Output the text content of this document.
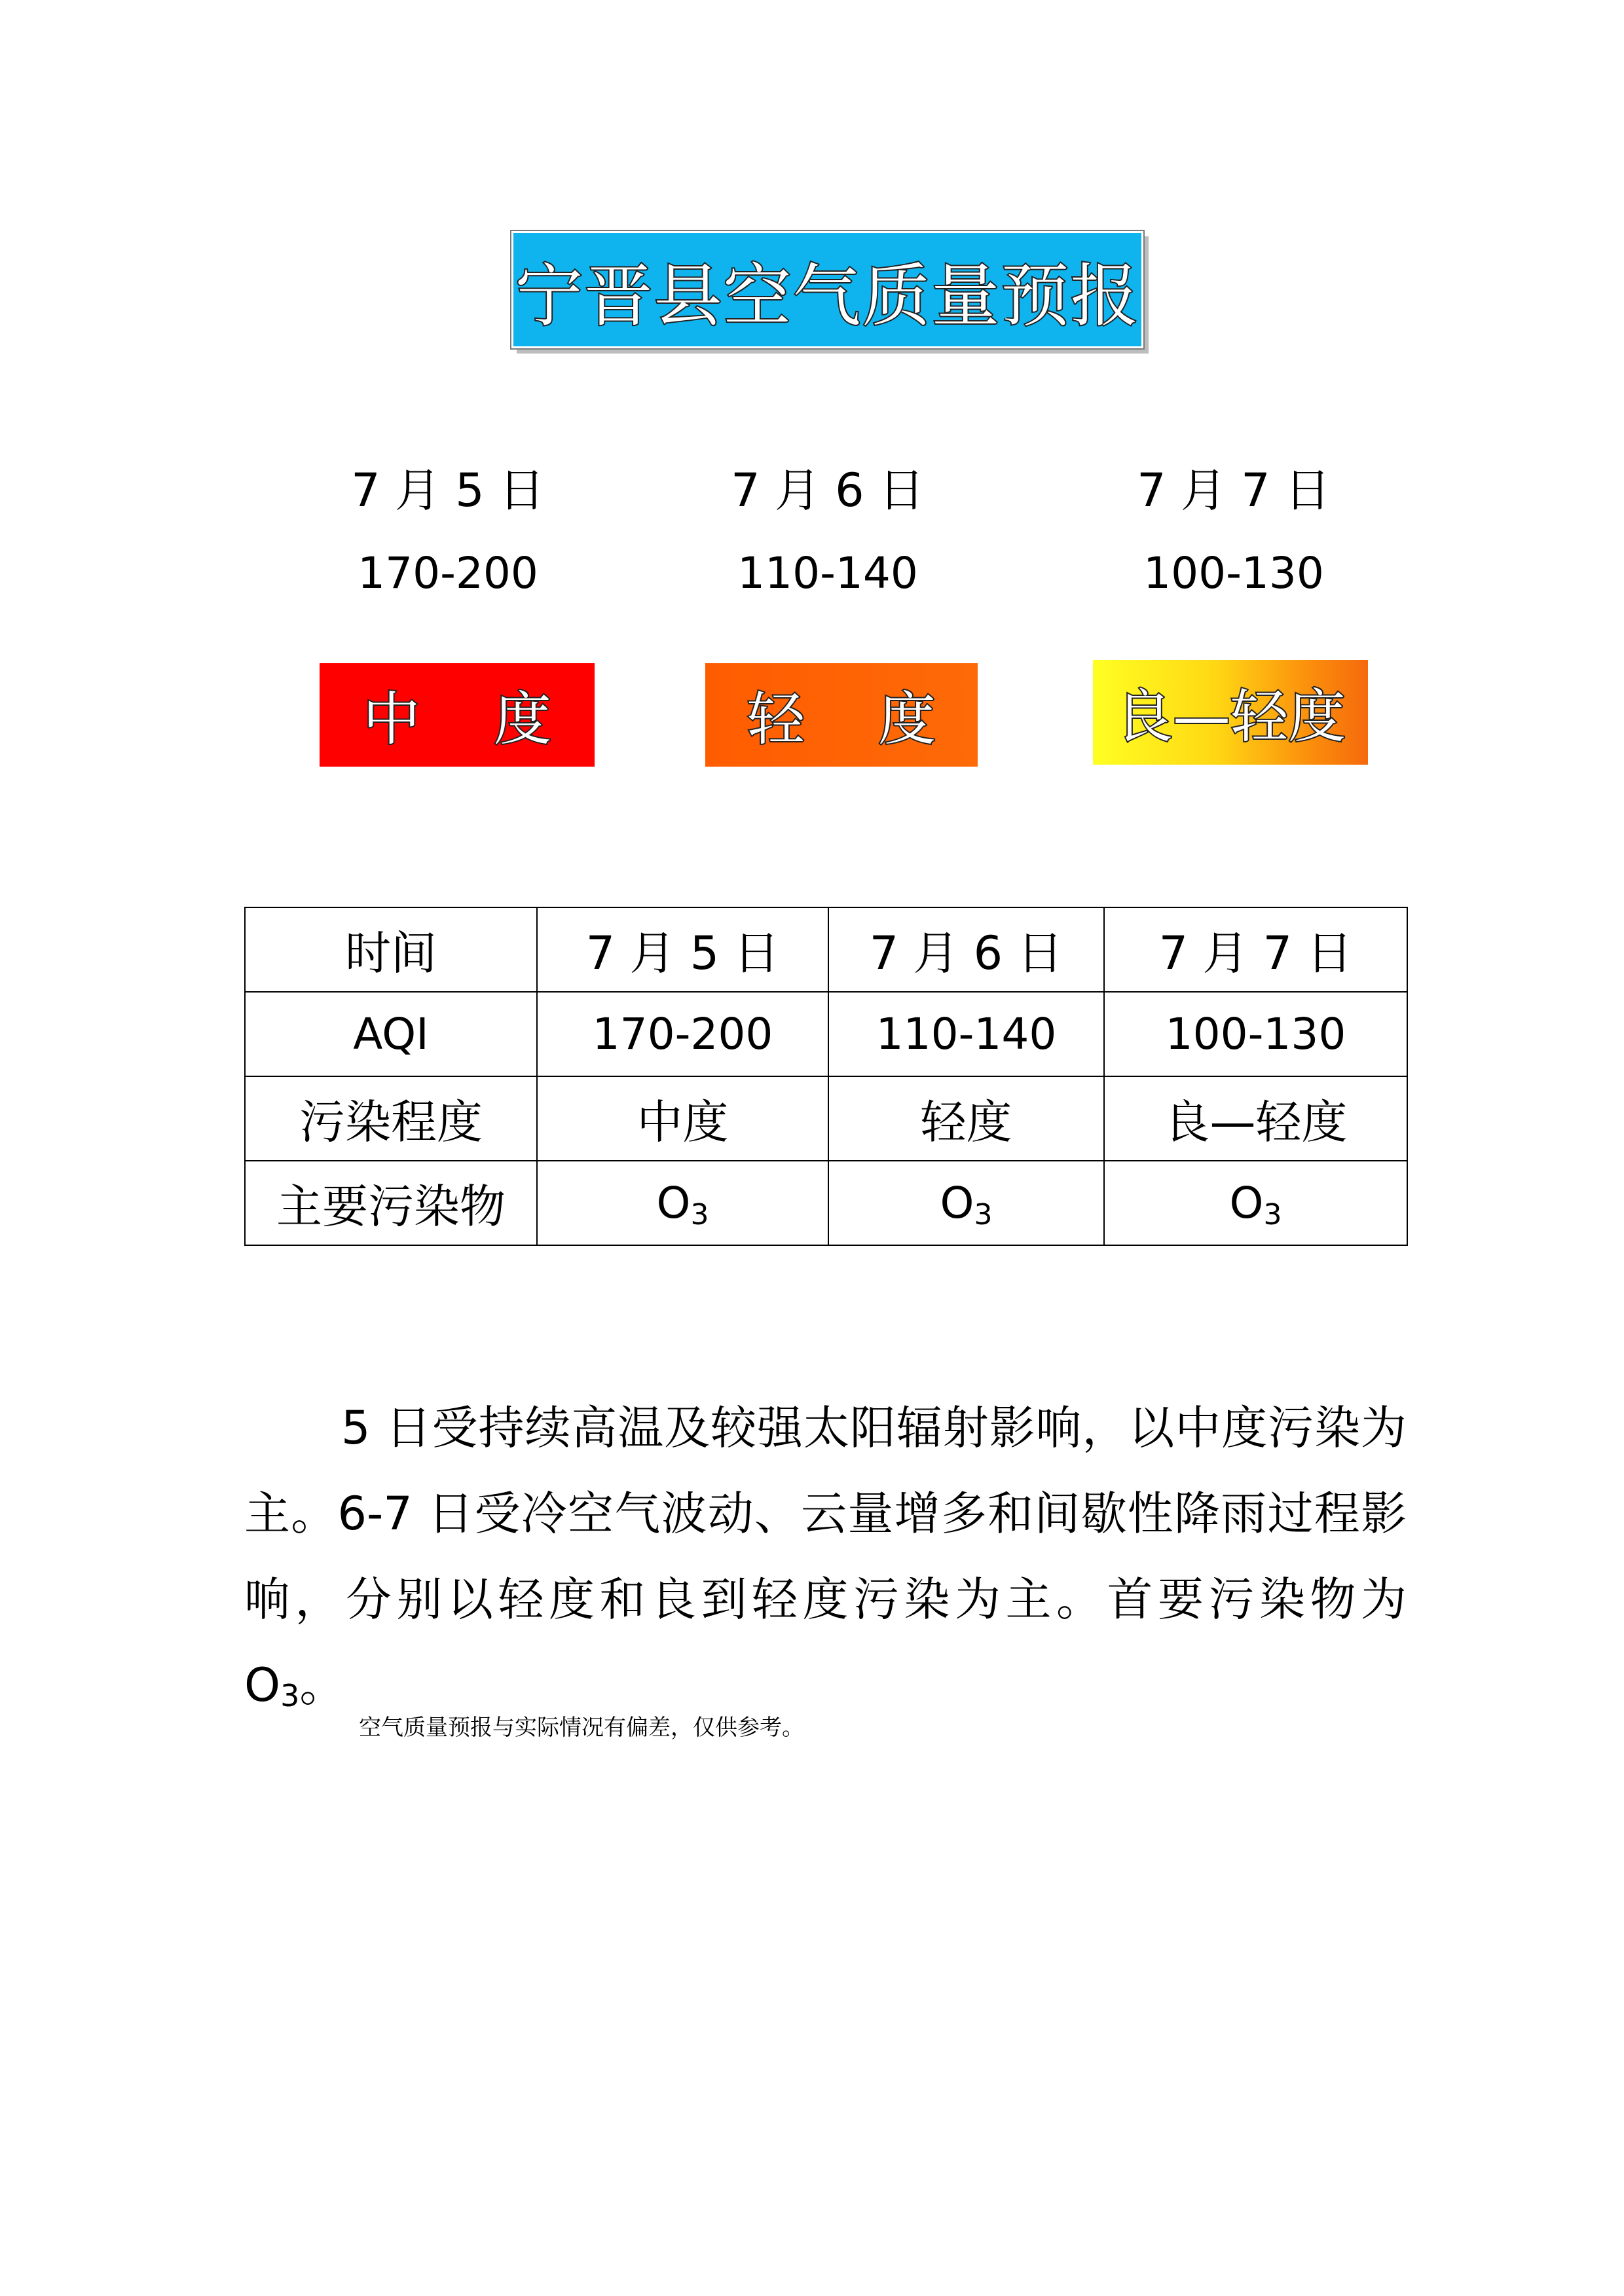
宁晋县空气质量预报
7 月 5 日
170-200
7 月 6 日
110-140
7 月 7 日
100-130
中    度	轻    度	良—轻度
时间	7 月 5 日	7 月 6 日	7 月 7 日
AQI	170-200	110-140	100-130
污染程度	中度	轻度	良—轻度
主要污染物	$O_3$	$O_3$	$O_3$

5 日受持续高温及较强太阳辐射影响，以中度污染为主。6-7 日受冷空气波动、云量增多和间歇性降雨过程影响，分别以轻度和良到轻度污染为主。首要污染物为 $O_3$。

空气质量预报与实际情况有偏差，仅供参考。
